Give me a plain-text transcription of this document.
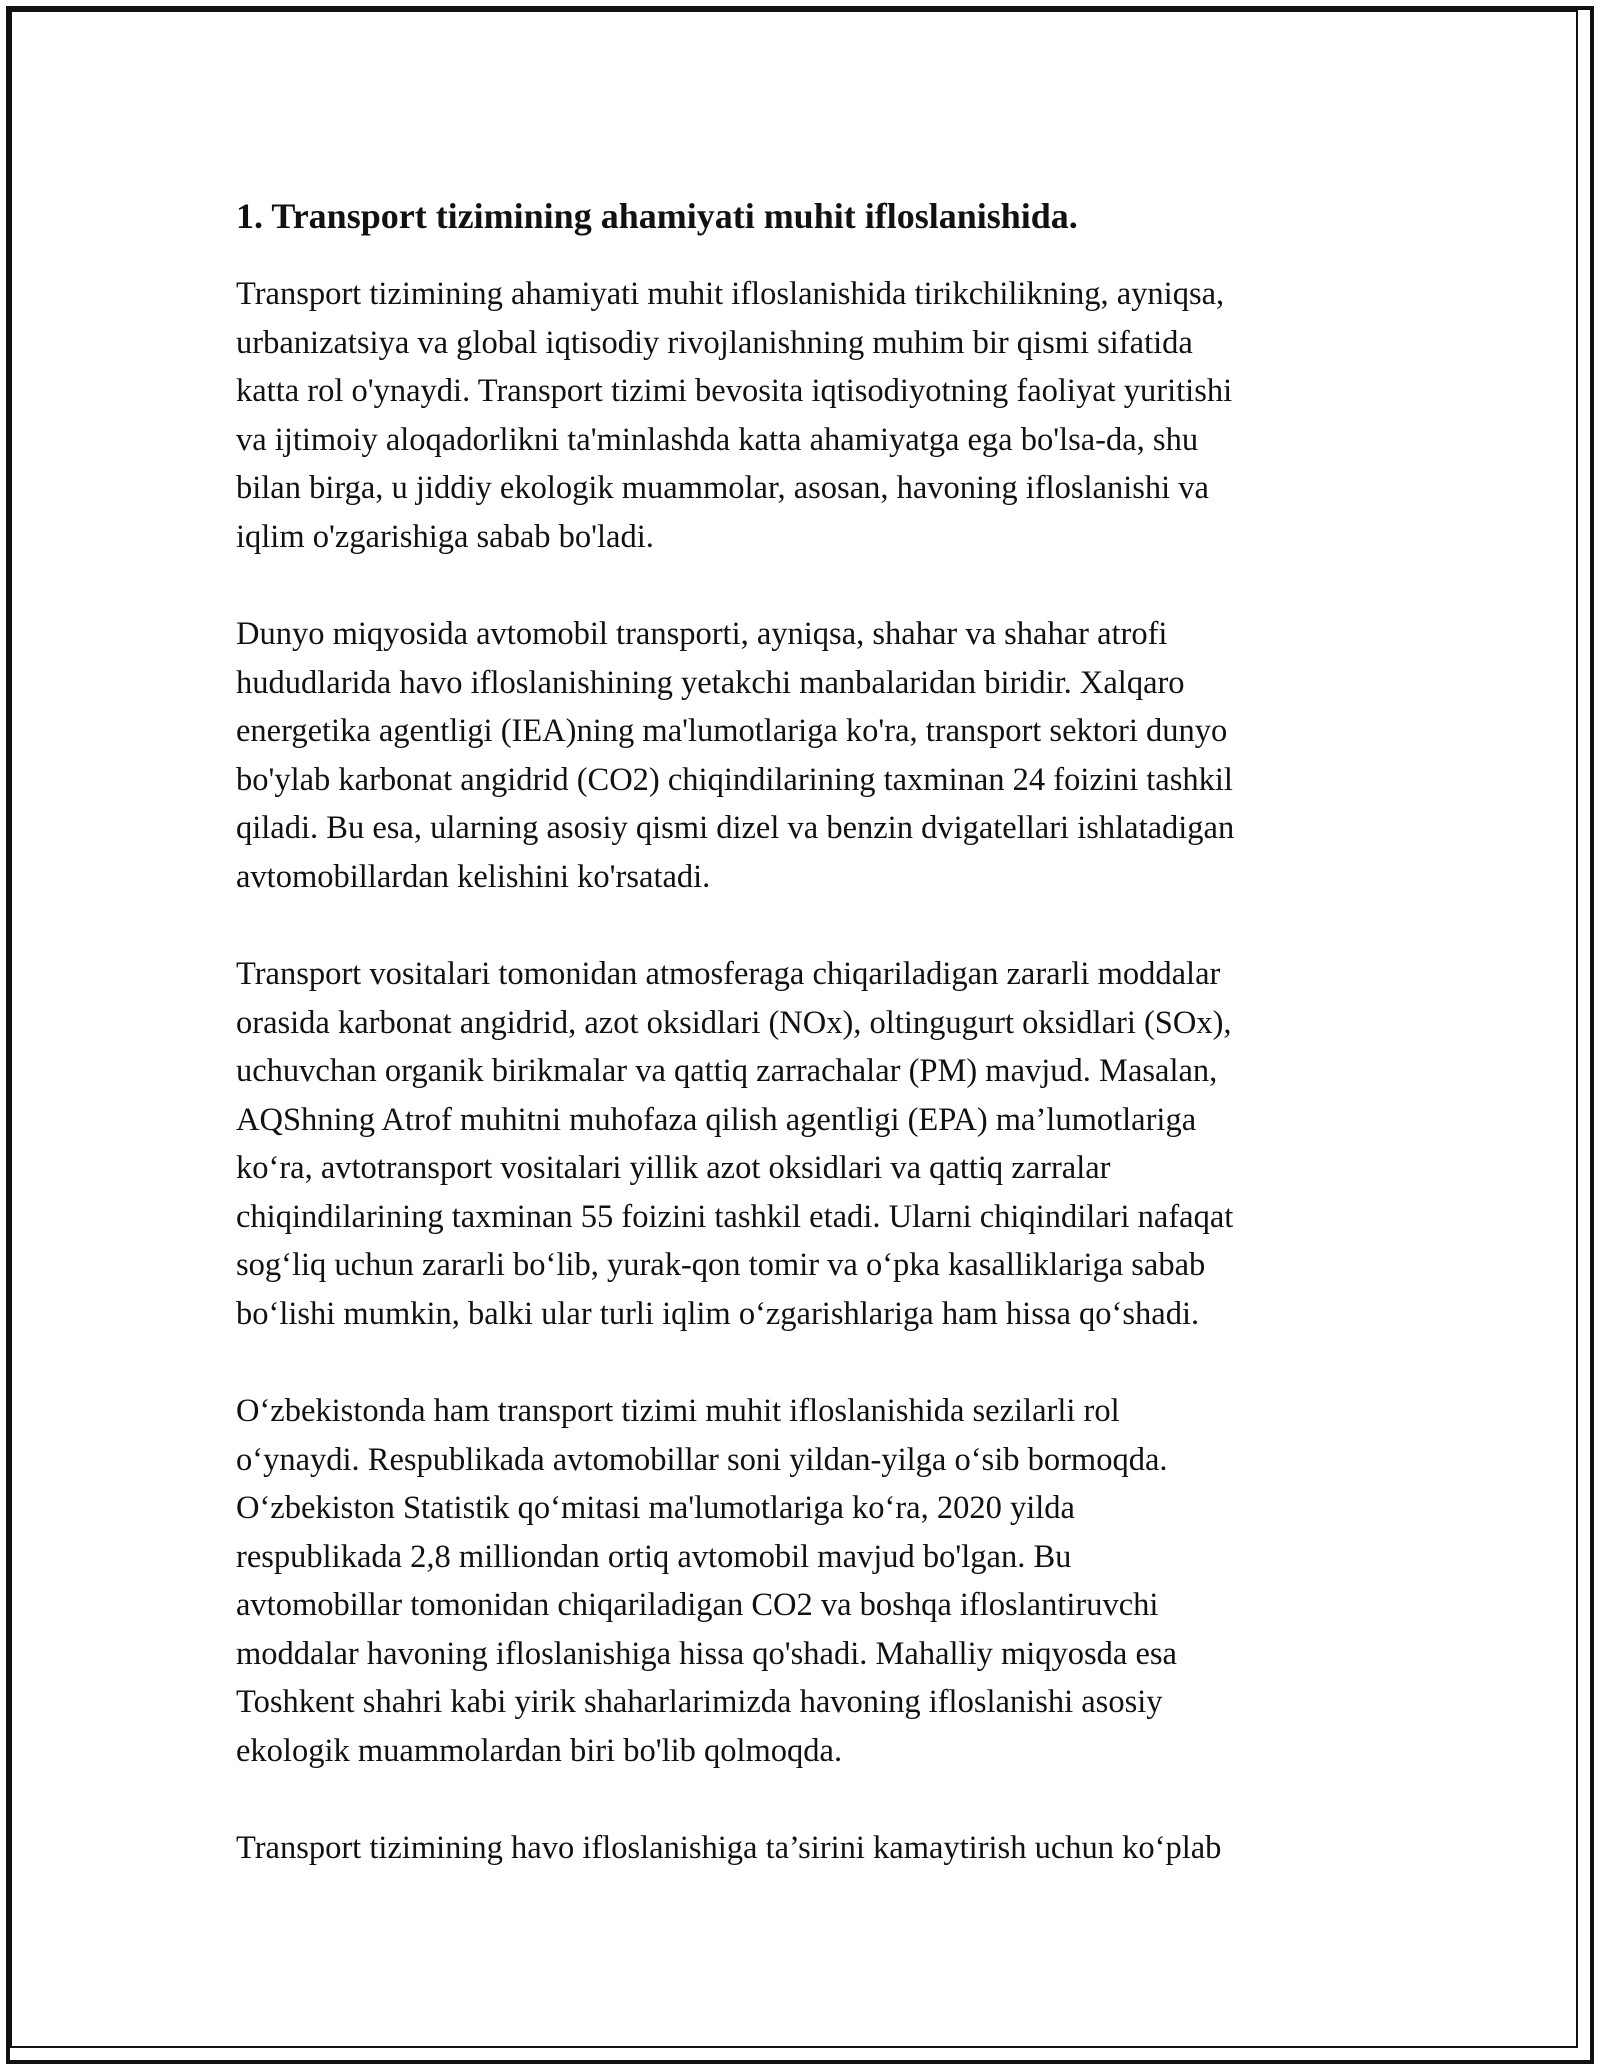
1. Transport tizimining ahamiyati muhit ifloslanishida.

Transport tizimining ahamiyati muhit ifloslanishida tirikchilikning, ayniqsa,
urbanizatsiya va global iqtisodiy rivojlanishning muhim bir qismi sifatida
katta rol o'ynaydi. Transport tizimi bevosita iqtisodiyotning faoliyat yuritishi
va ijtimoiy aloqadorlikni ta'minlashda katta ahamiyatga ega bo'lsa-da, shu
bilan birga, u jiddiy ekologik muammolar, asosan, havoning ifloslanishi va
iqlim o'zgarishiga sabab bo'ladi.

Dunyo miqyosida avtomobil transporti, ayniqsa, shahar va shahar atrofi
hududlarida havo ifloslanishining yetakchi manbalaridan biridir. Xalqaro
energetika agentligi (IEA)ning ma'lumotlariga ko'ra, transport sektori dunyo
bo'ylab karbonat angidrid (CO2) chiqindilarining taxminan 24 foizini tashkil
qiladi. Bu esa, ularning asosiy qismi dizel va benzin dvigatellari ishlatadigan
avtomobillardan kelishini ko'rsatadi.

Transport vositalari tomonidan atmosferaga chiqariladigan zararli moddalar
orasida karbonat angidrid, azot oksidlari (NOx), oltingugurt oksidlari (SOx),
uchuvchan organik birikmalar va qattiq zarrachalar (PM) mavjud. Masalan,
AQShning Atrof muhitni muhofaza qilish agentligi (EPA) ma’lumotlariga
ko‘ra, avtotransport vositalari yillik azot oksidlari va qattiq zarralar
chiqindilarining taxminan 55 foizini tashkil etadi. Ularni chiqindilari nafaqat
sog‘liq uchun zararli bo‘lib, yurak-qon tomir va o‘pka kasalliklariga sabab
bo‘lishi mumkin, balki ular turli iqlim o‘zgarishlariga ham hissa qo‘shadi.

O‘zbekistonda ham transport tizimi muhit ifloslanishida sezilarli rol
o‘ynaydi. Respublikada avtomobillar soni yildan-yilga o‘sib bormoqda.
O‘zbekiston Statistik qo‘mitasi ma'lumotlariga ko‘ra, 2020 yilda
respublikada 2,8 milliondan ortiq avtomobil mavjud bo'lgan. Bu
avtomobillar tomonidan chiqariladigan CO2 va boshqa ifloslantiruvchi
moddalar havoning ifloslanishiga hissa qo'shadi. Mahalliy miqyosda esa
Toshkent shahri kabi yirik shaharlarimizda havoning ifloslanishi asosiy
ekologik muammolardan biri bo'lib qolmoqda.

Transport tizimining havo ifloslanishiga ta’sirini kamaytirish uchun ko‘plab
